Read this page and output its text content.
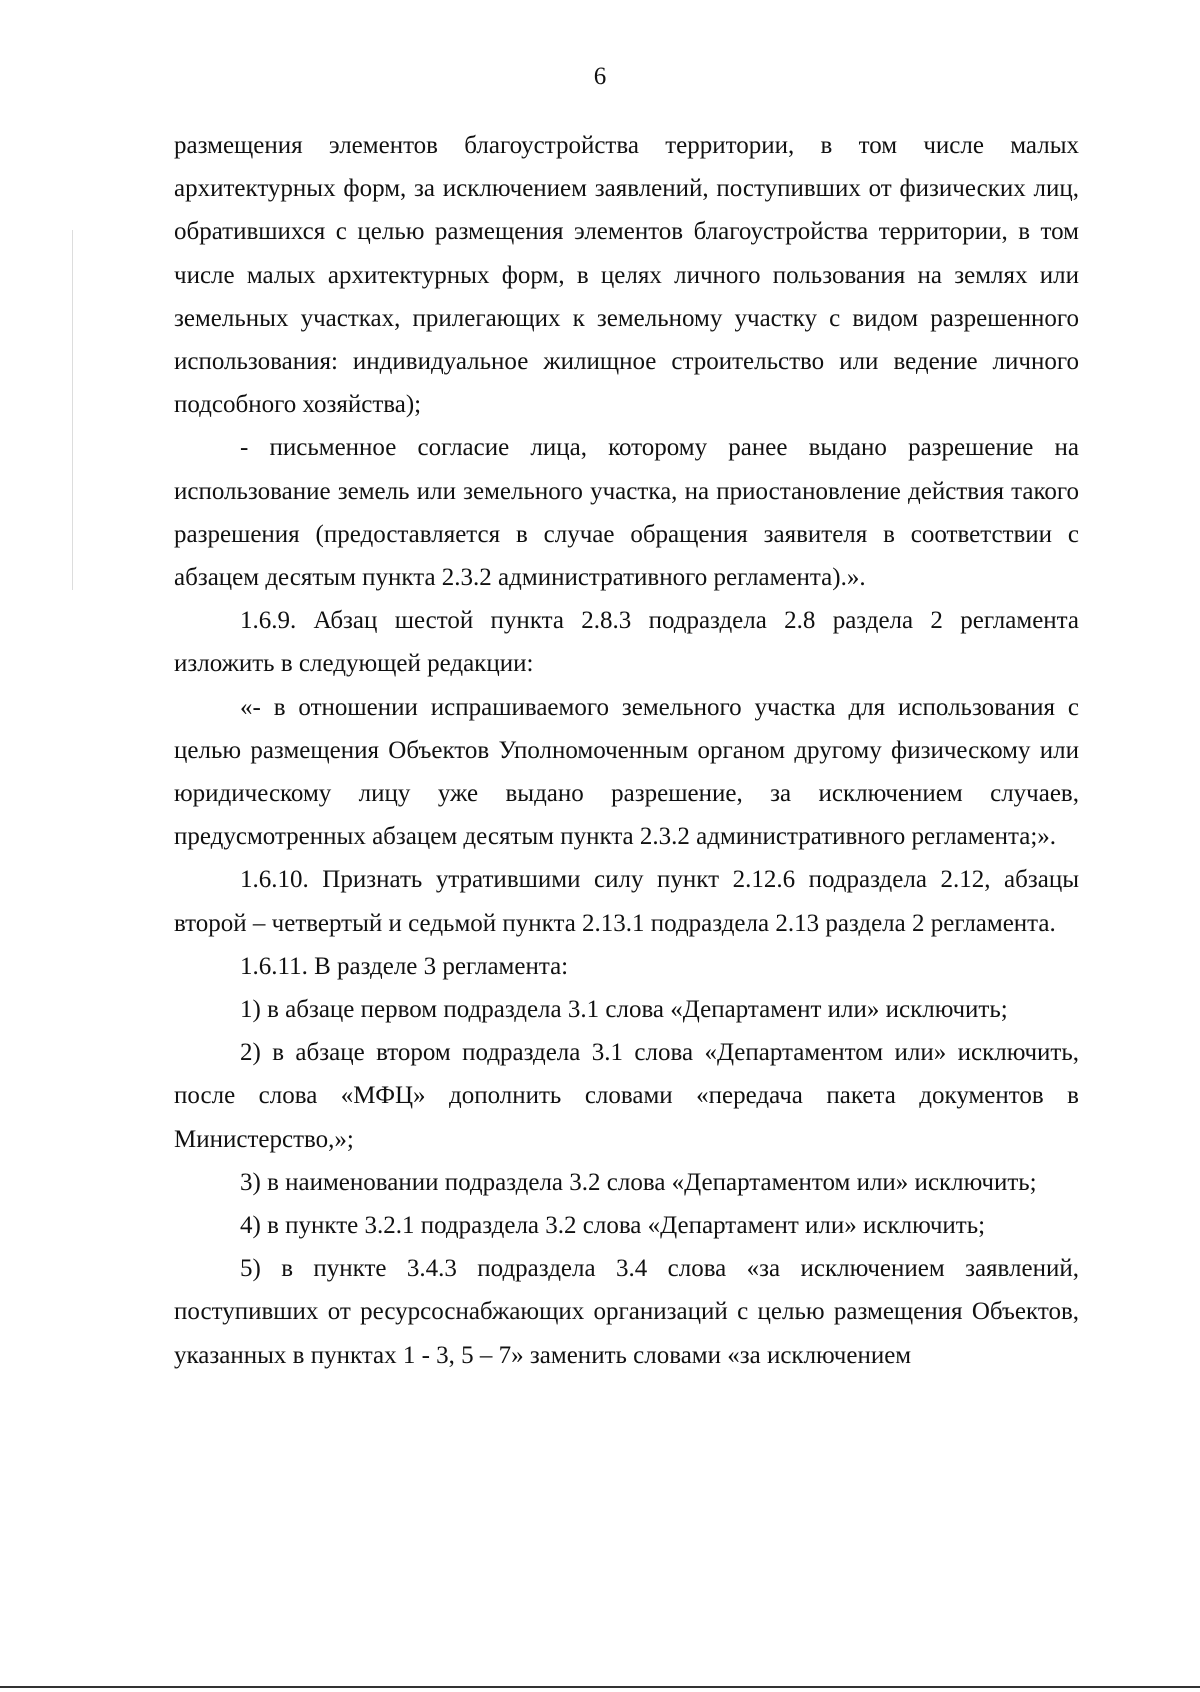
6

размещения элементов благоустройства территории, в том числе малых архитектурных форм, за исключением заявлений, поступивших от физических лиц, обратившихся с целью размещения элементов благоустройства территории, в том числе малых архитектурных форм, в целях личного пользования на землях или земельных участках, прилегающих к земельному участку с видом разрешенного использования: индивидуальное жилищное строительство или ведение личного подсобного хозяйства);

- письменное согласие лица, которому ранее выдано разрешение на использование земель или земельного участка, на приостановление действия такого разрешения (предоставляется в случае обращения заявителя в соответствии с абзацем десятым пункта 2.3.2 административного регламента).».

1.6.9. Абзац шестой пункта 2.8.3 подраздела 2.8 раздела 2 регламента изложить в следующей редакции:

«- в отношении испрашиваемого земельного участка для использования с целью размещения Объектов Уполномоченным органом другому физическому или юридическому лицу уже выдано разрешение, за исключением случаев, предусмотренных абзацем десятым пункта 2.3.2 административного регламента;».

1.6.10. Признать утратившими силу пункт 2.12.6 подраздела 2.12, абзацы второй – четвертый и седьмой пункта 2.13.1 подраздела 2.13 раздела 2 регламента.

1.6.11. В разделе 3 регламента:

1) в абзаце первом подраздела 3.1 слова «Департамент или» исключить;

2) в абзаце втором подраздела 3.1 слова «Департаментом или» исключить, после слова «МФЦ» дополнить словами «передача пакета документов в Министерство,»;

3) в наименовании подраздела 3.2 слова «Департаментом или» исключить;

4) в пункте 3.2.1 подраздела 3.2 слова «Департамент или» исключить;

5) в пункте 3.4.3 подраздела 3.4 слова «за исключением заявлений, поступивших от ресурсоснабжающих организаций с целью размещения Объектов, указанных в пунктах 1 - 3, 5 – 7» заменить словами «за исключением
